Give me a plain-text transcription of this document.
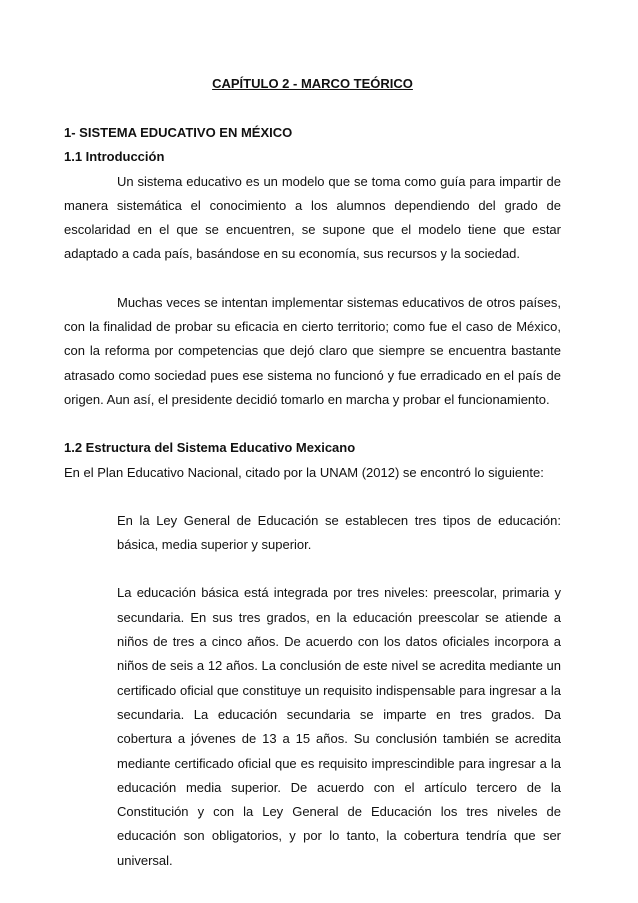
CAPÍTULO 2 - MARCO TEÓRICO

1- SISTEMA EDUCATIVO EN MÉXICO

1.1 Introducción

Un sistema educativo es un modelo que se toma como guía para impartir de manera sistemática el conocimiento a los alumnos dependiendo del grado de escolaridad en el que se encuentren, se supone que el modelo tiene que estar adaptado a cada país, basándose en su economía, sus recursos y la sociedad.

Muchas veces se intentan implementar sistemas educativos de otros países, con la finalidad de probar su eficacia en cierto territorio; como fue el caso de México, con la reforma por competencias que dejó claro que siempre se encuentra bastante atrasado como sociedad pues ese sistema no funcionó y fue erradicado en el país de origen. Aun así, el presidente decidió tomarlo en marcha y probar el funcionamiento.

1.2 Estructura del Sistema Educativo Mexicano

En el Plan Educativo Nacional, citado por la UNAM (2012) se encontró lo siguiente:

En la Ley General de Educación se establecen tres tipos de educación: básica, media superior y superior.

La educación básica está integrada por tres niveles: preescolar, primaria y secundaria. En sus tres grados, en la educación preescolar se atiende a niños de tres a cinco años. De acuerdo con los datos oficiales incorpora a niños de seis a 12 años. La conclusión de este nivel se acredita mediante un certificado oficial que constituye un requisito indispensable para ingresar a la secundaria. La educación secundaria se imparte en tres grados. Da cobertura a jóvenes de 13 a 15 años. Su conclusión también se acredita mediante certificado oficial que es requisito imprescindible para ingresar a la educación media superior. De acuerdo con el artículo tercero de la Constitución y con la Ley General de Educación los tres niveles de educación son obligatorios, y por lo tanto, la cobertura tendría que ser universal.
